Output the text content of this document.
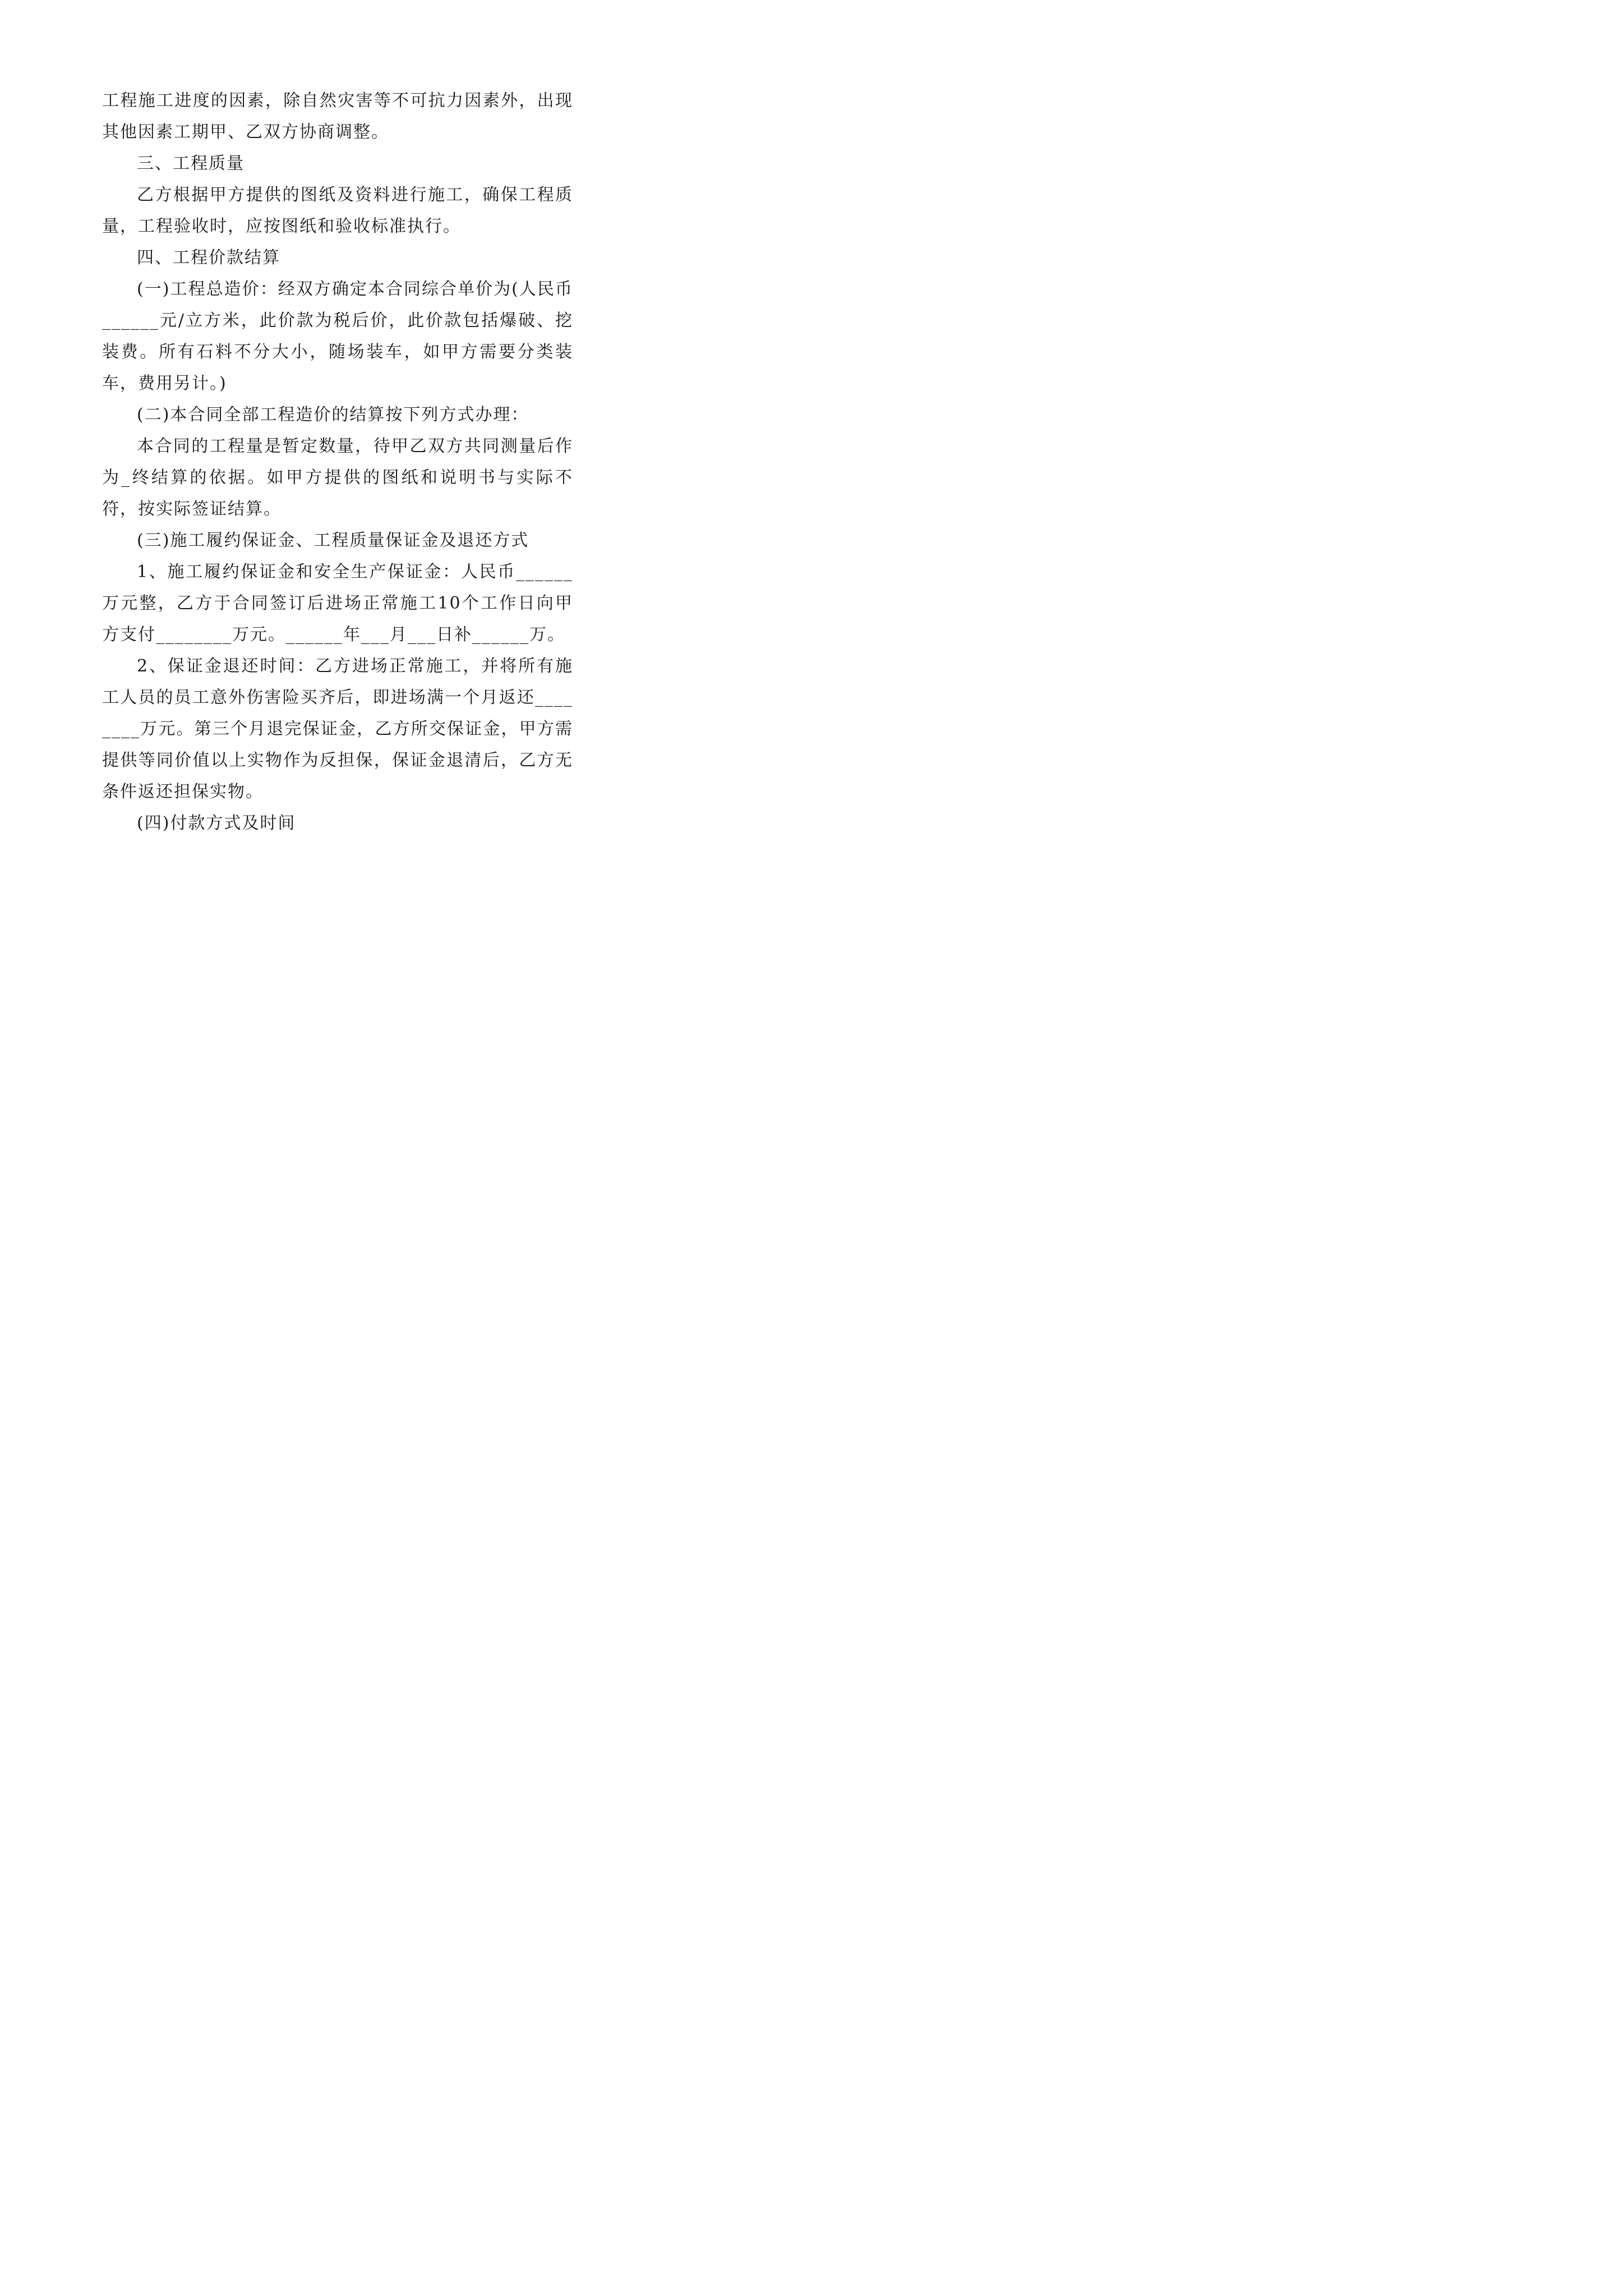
工程施工进度的因素，除自然灾害等不可抗力因素外，出现其他因素工期甲、乙双方协商调整。

三、工程质量

乙方根据甲方提供的图纸及资料进行施工，确保工程质量，工程验收时，应按图纸和验收标准执行。

四、工程价款结算

(一)工程总造价：经双方确定本合同综合单价为(人民币______元/立方米，此价款为税后价，此价款包括爆破、挖装费。所有石料不分大小，随场装车，如甲方需要分类装车，费用另计。)

(二)本合同全部工程造价的结算按下列方式办理：

本合同的工程量是暂定数量，待甲乙双方共同测量后作为_终结算的依据。如甲方提供的图纸和说明书与实际不符，按实际签证结算。

(三)施工履约保证金、工程质量保证金及退还方式

1、施工履约保证金和安全生产保证金：人民币______万元整，乙方于合同签订后进场正常施工10个工作日向甲方支付________万元。______年___月___日补______万。

2、保证金退还时间：乙方进场正常施工，并将所有施工人员的员工意外伤害险买齐后，即进场满一个月返还________万元。第三个月退完保证金，乙方所交保证金，甲方需提供等同价值以上实物作为反担保，保证金退清后，乙方无条件返还担保实物。

(四)付款方式及时间
